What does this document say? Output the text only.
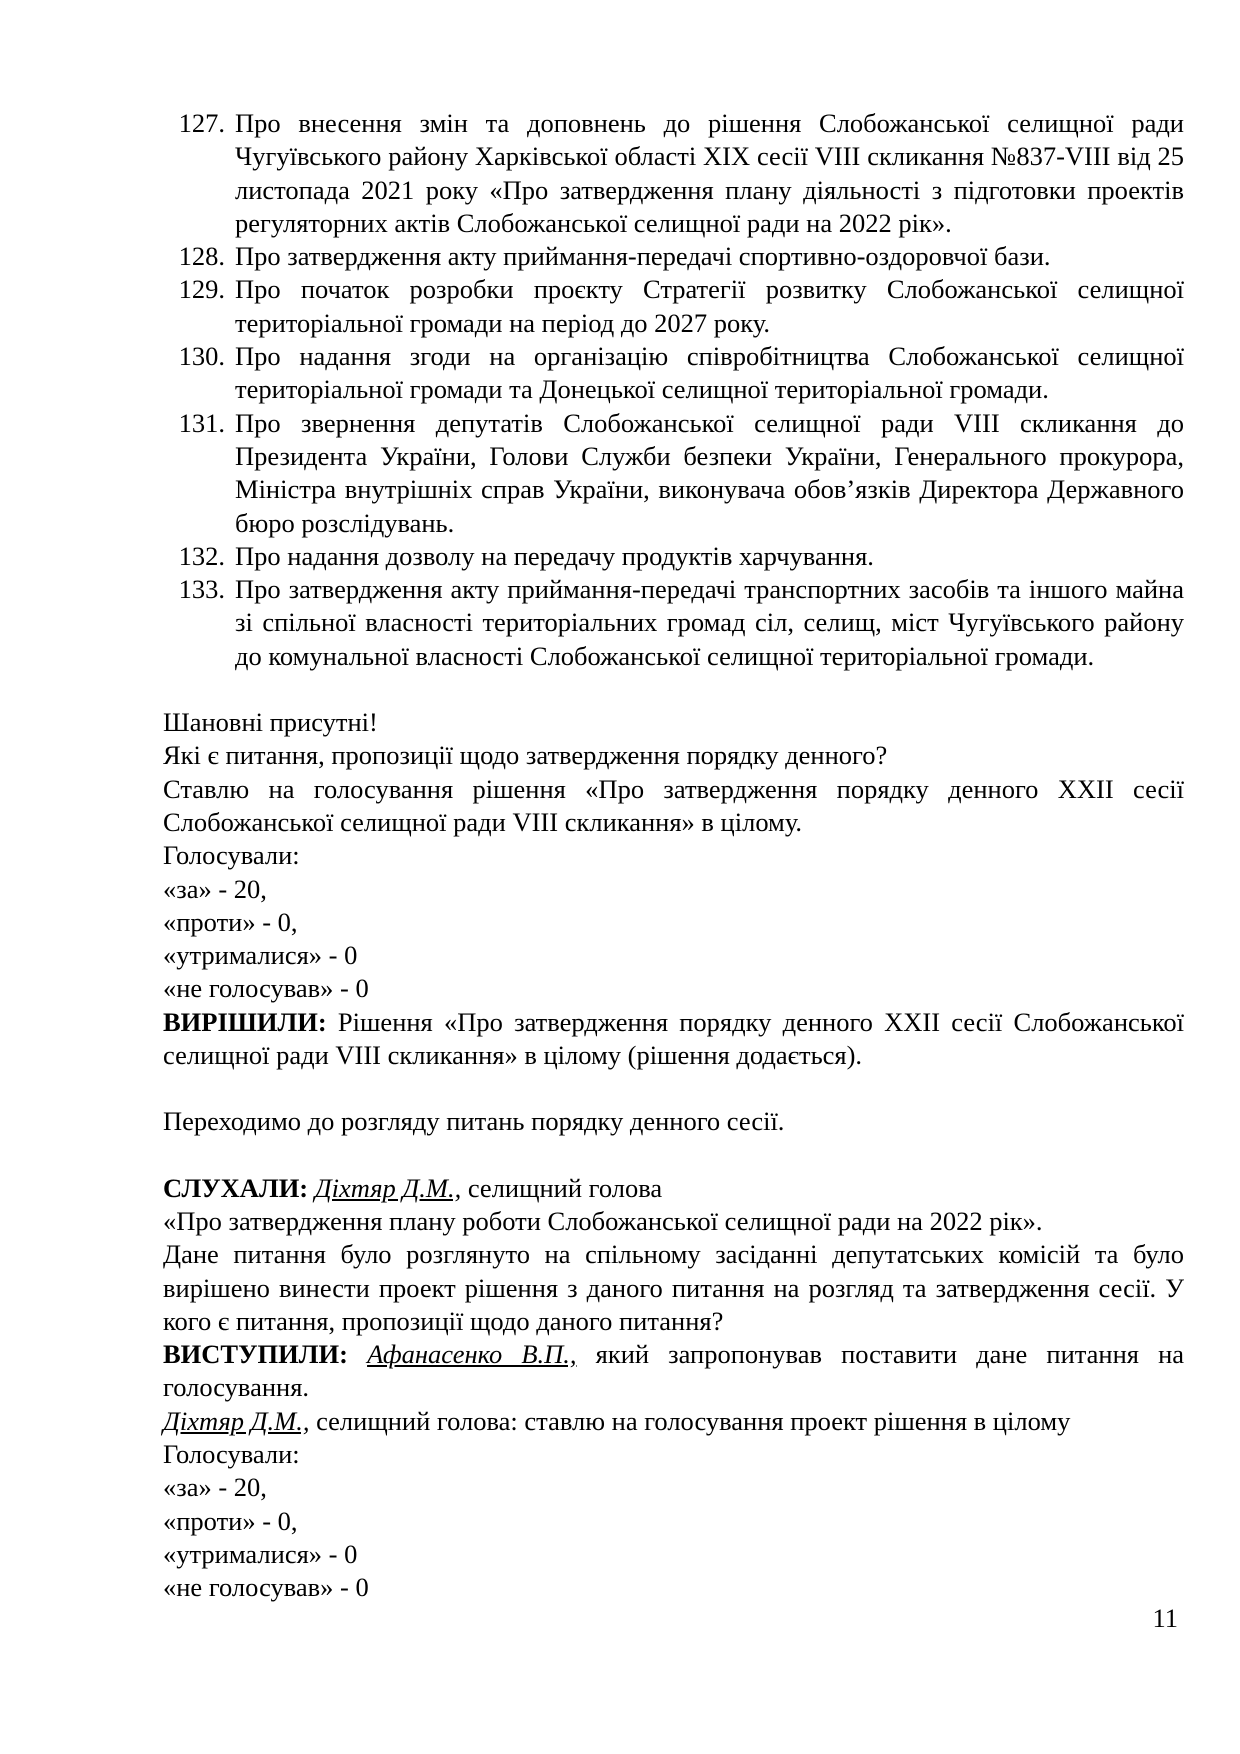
127. Про внесення змін та доповнень до рішення Слобожанської селищної ради Чугуївського району Харківської області XIX сесії VIII скликання №837-VIII від 25 листопада 2021 року «Про затвердження плану діяльності з підготовки проектів регуляторних актів Слобожанської селищної ради на 2022 рік».
128. Про затвердження акту приймання-передачі спортивно-оздоровчої бази.
129. Про початок розробки проєкту Стратегії розвитку Слобожанської селищної територіальної громади на період до 2027 року.
130. Про надання згоди на організацію співробітництва Слобожанської селищної територіальної громади та Донецької селищної територіальної громади.
131. Про звернення депутатів Слобожанської селищної ради VIII скликання до Президента України, Голови Служби безпеки України, Генерального прокурора, Міністра внутрішніх справ України, виконувача обов’язків Директора Державного бюро розслідувань.
132. Про надання дозволу на передачу продуктів харчування.
133. Про затвердження акту приймання-передачі транспортних засобів та іншого майна зі спільної власності територіальних громад сіл, селищ, міст Чугуївського району до комунальної власності Слобожанської селищної територіальної громади.

Шановні присутні!

Які є питання, пропозиції щодо затвердження порядку денного?

Ставлю на голосування рішення «Про затвердження порядку денного XXII сесії Слобожанської селищної ради VIII скликання» в цілому.

Голосували:

«за» - 20,

«проти» - 0,

«утрималися» - 0

«не голосував» - 0

ВИРІШИЛИ: Рішення «Про затвердження порядку денного XXII сесії Слобожанської селищної ради VIII скликання» в цілому (рішення додається).

Переходимо до розгляду питань порядку денного сесії.

СЛУХАЛИ: Діхтяр Д.М., селищний голова

«Про затвердження плану роботи Слобожанської селищної ради на 2022 рік».

Дане питання було розглянуто на спільному засіданні депутатських комісій та було вирішено винести проект рішення з даного питання на розгляд та затвердження сесії. У кого є питання, пропозиції щодо даного питання?

ВИСТУПИЛИ: Афанасенко В.П., який запропонував поставити дане питання на голосування.

Діхтяр Д.М., селищний голова: ставлю на голосування проект рішення в цілому

Голосували:

«за» - 20,

«проти» - 0,

«утрималися» - 0

«не голосував» - 0

11
